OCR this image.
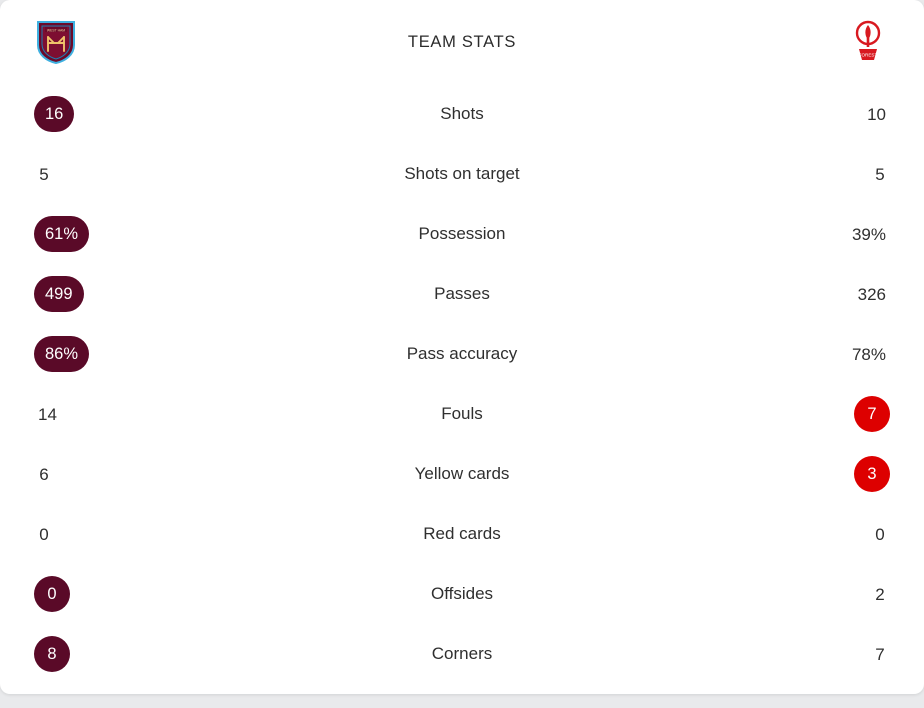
WEST HAM
TEAM STATS
FOREST
16	Shots	10
5	Shots on target	5
61%	Possession	39%
499	Passes	326
86%	Pass accuracy	78%
14	Fouls	7
6	Yellow cards	3
0	Red cards	0
0	Offsides	2
8	Corners	7
